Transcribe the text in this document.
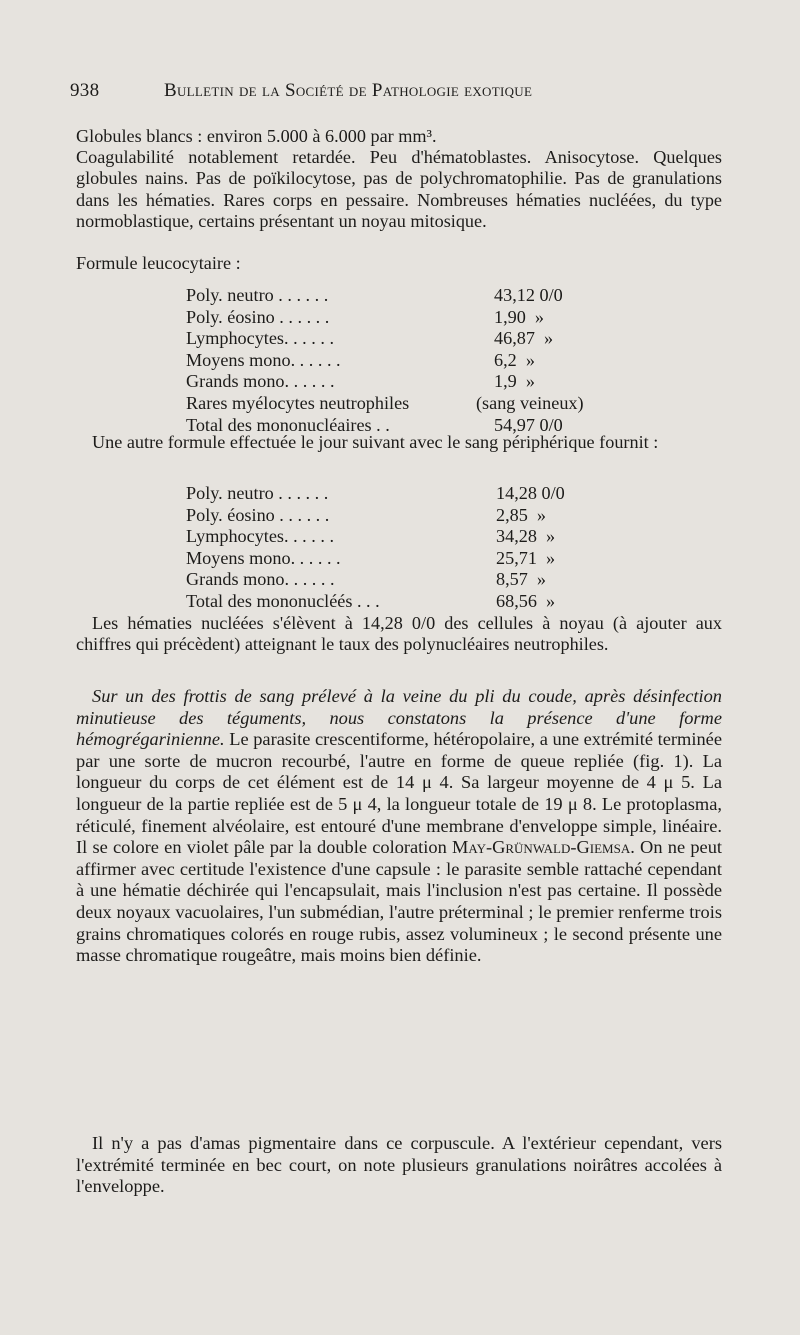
938	Bulletin de la Société de Pathologie exotique

Globules blancs : environ 5.000 à 6.000 par mm³.

Coagulabilité notablement retardée. Peu d'hématoblastes. Anisocytose. Quelques globules nains. Pas de poïkilocytose, pas de polychromatophilie. Pas de granulations dans les hématies. Rares corps en pessaire. Nombreuses hématies nucléées, du type normoblastique, certains présentant un noyau mitosique.

Formule leucocytaire :

Poly. neutro . . . . . .	43,12 0/0
Poly. éosino . . . . . .	1,90  »
Lymphocytes. . . . . .	46,87  »
Moyens mono. . . . . .	6,2  »
Grands mono. . . . . .	1,9  »
Rares myélocytes neutrophiles	(sang veineux)
Total des mononucléaires . .	54,97 0/0

Une autre formule effectuée le jour suivant avec le sang périphérique fournit :

Poly. neutro . . . . . .	14,28 0/0
Poly. éosino . . . . . .	2,85  »
Lymphocytes. . . . . .	34,28  »
Moyens mono. . . . . .	25,71  »
Grands mono. . . . . .	8,57  »
Total des mononucléés . . .	68,56  »

Les hématies nucléées s'élèvent à 14,28 0/0 des cellules à noyau (à ajouter aux chiffres qui précèdent) atteignant le taux des polynucléaires neutrophiles.

Sur un des frottis de sang prélevé à la veine du pli du coude, après désinfection minutieuse des téguments, nous constatons la présence d'une forme hémogrégarinienne. Le parasite crescentiforme, hétéropolaire, a une extrémité terminée par une sorte de mucron recourbé, l'autre en forme de queue repliée (fig. 1). La longueur du corps de cet élément est de 14 μ 4. Sa largeur moyenne de 4 μ 5. La longueur de la partie repliée est de 5 μ 4, la longueur totale de 19 μ 8. Le protoplasma, réticulé, finement alvéolaire, est entouré d'une membrane d'enveloppe simple, linéaire. Il se colore en violet pâle par la double coloration May-Grünwald-Giemsa. On ne peut affirmer avec certitude l'existence d'une capsule : le parasite semble rattaché cependant à une hématie déchirée qui l'encapsulait, mais l'inclusion n'est pas certaine. Il possède deux noyaux vacuolaires, l'un submédian, l'autre préterminal ; le premier renferme trois grains chromatiques colorés en rouge rubis, assez volumineux ; le second présente une masse chromatique rougeâtre, mais moins bien définie.

Il n'y a pas d'amas pigmentaire dans ce corpuscule. A l'extérieur cependant, vers l'extrémité terminée en bec court, on note plusieurs granulations noirâtres accolées à l'enveloppe.
